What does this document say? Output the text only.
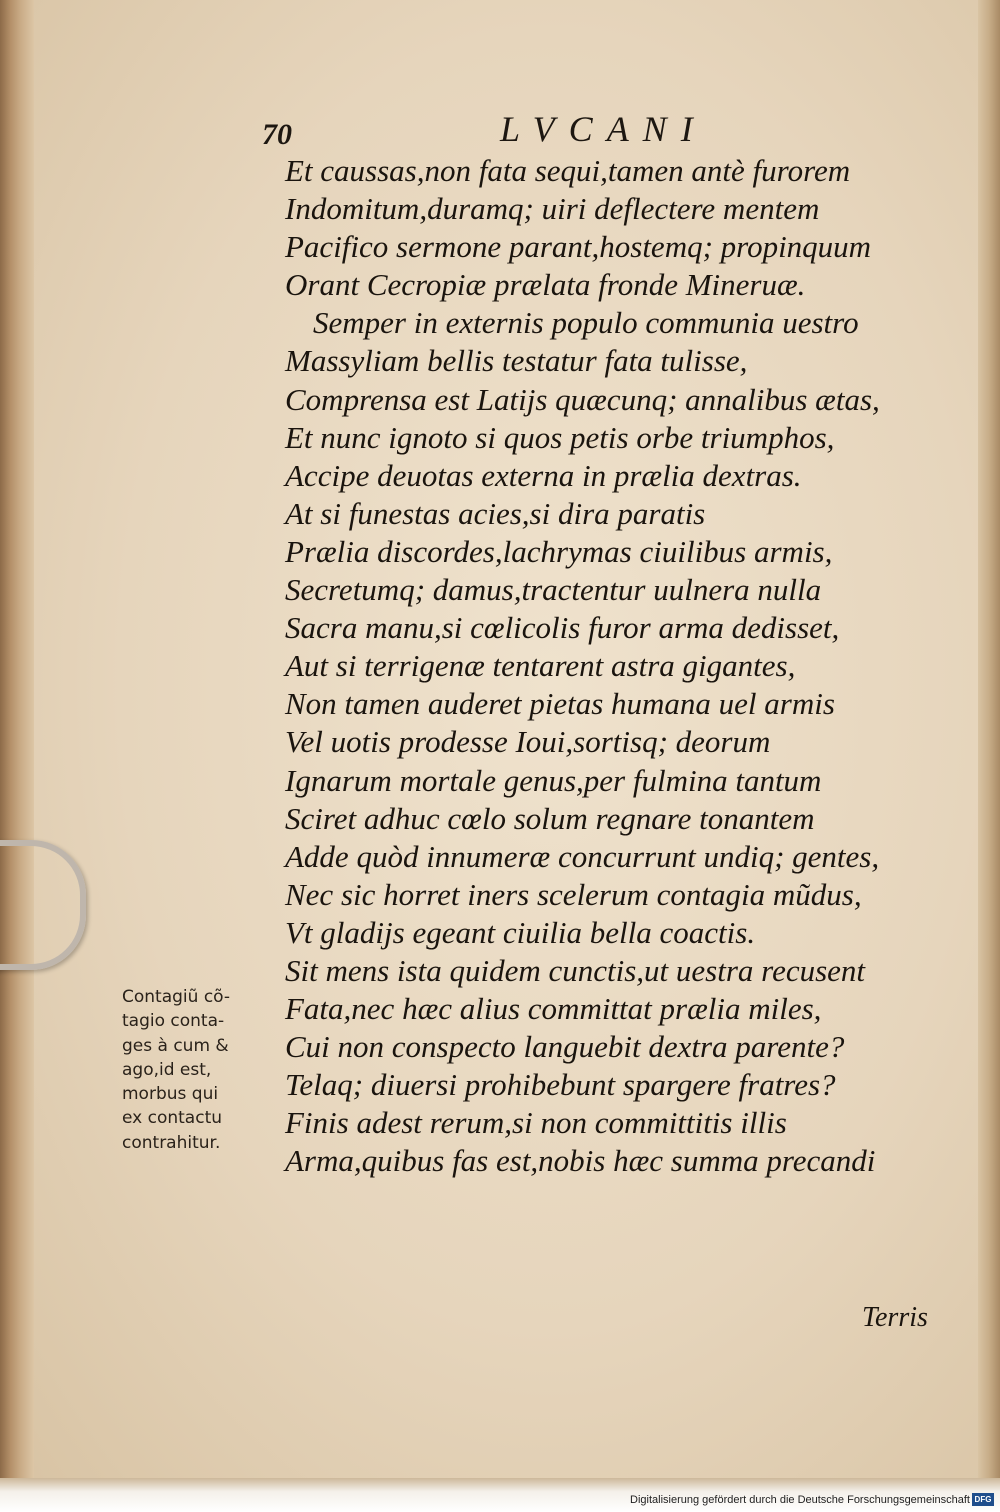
70	LVCANI
Et caussas,non fata sequi,tamen antè furorem
Indomitum,duramq; uiri deflectere mentem
Pacifico sermone parant,hostemq; propinquum
Orant Cecropiæ prælata fronde Mineruæ.
Semper in externis populo communia uestro
Massyliam bellis testatur fata tulisse,
Comprensa est Latijs quæcunq; annalibus ætas,
Et nunc ignoto si quos petis orbe triumphos,
Accipe deuotas externa in prælia dextras.
At si funestas acies,si dira paratis
Prælia discordes,lachrymas ciuilibus armis,
Secretumq; damus,tractentur uulnera nulla
Sacra manu,si cœlicolis furor arma dedisset,
Aut si terrigenæ tentarent astra gigantes,
Non tamen auderet pietas humana uel armis
Vel uotis prodesse Ioui,sortisq; deorum
Ignarum mortale genus,per fulmina tantum
Sciret adhuc cœlo solum regnare tonantem
Adde quòd innumeræ concurrunt undiq; gentes,
Nec sic horret iners scelerum contagia mũdus,
Vt gladijs egeant ciuilia bella coactis.
Sit mens ista quidem cunctis,ut uestra recusent
Fata,nec hæc alius committat prælia miles,
Cui non conspecto languebit dextra parente?
Telaq; diuersi prohibebunt spargere fratres?
Finis adest rerum,si non committitis illis
Arma,quibus fas est,nobis hæc summa precandi
Contagiũ cõ-
tagio conta-
ges à cum &
ago,id est,
morbus qui
ex contactu
contrahitur.
Terris
Digitalisierung gefördert durch die Deutsche Forschungsgemeinschaft DFG
